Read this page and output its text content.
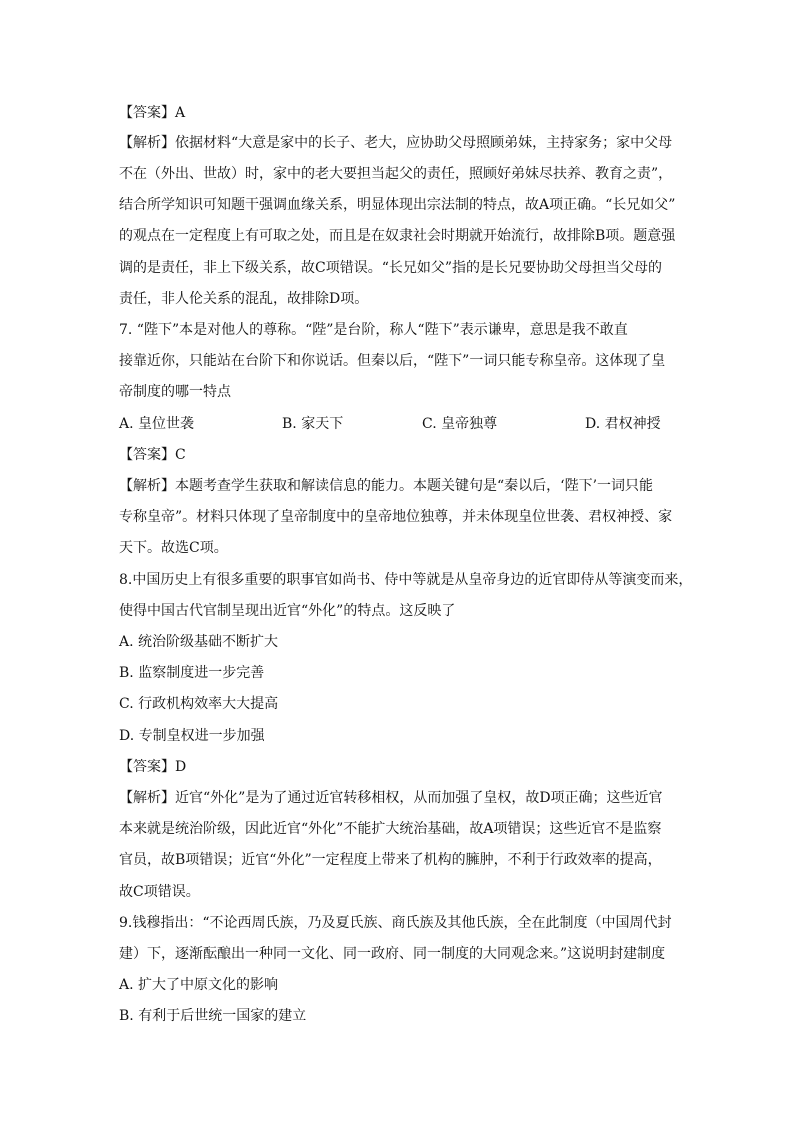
【答案】A
【解析】依据材料“大意是家中的长子、老大，应协助父母照顾弟妹，主持家务；家中父母
不在（外出、世故）时，家中的老大要担当起父的责任，照顾好弟妹尽扶养、教育之责”，
结合所学知识可知题干强调血缘关系，明显体现出宗法制的特点，故A项正确。“长兄如父”
的观点在一定程度上有可取之处，而且是在奴隶社会时期就开始流行，故排除B项。题意强
调的是责任，非上下级关系，故C项错误。“长兄如父”指的是长兄要协助父母担当父母的
责任，非人伦关系的混乱，故排除D项。
7. “陛下”本是对他人的尊称。“陛”是台阶，称人“陛下”表示谦卑，意思是我不敢直
接靠近你，只能站在台阶下和你说话。但秦以后，“陛下”一词只能专称皇帝。这体现了皇
帝制度的哪一特点
A. 皇位世袭	B. 家天下	C. 皇帝独尊	D. 君权神授
【答案】C
【解析】本题考查学生获取和解读信息的能力。本题关键句是“秦以后，‘陛下’一词只能
专称皇帝”。材料只体现了皇帝制度中的皇帝地位独尊，并未体现皇位世袭、君权神授、家
天下。故选C项。
8.中国历史上有很多重要的职事官如尚书、侍中等就是从皇帝身边的近官即侍从等演变而来，
使得中国古代官制呈现出近官“外化”的特点。这反映了
A. 统治阶级基础不断扩大
B. 监察制度进一步完善
C. 行政机构效率大大提高
D. 专制皇权进一步加强
【答案】D
【解析】近官“外化”是为了通过近官转移相权，从而加强了皇权，故D项正确；这些近官
本来就是统治阶级，因此近官“外化”不能扩大统治基础，故A项错误；这些近官不是监察
官员，故B项错误；近官“外化”一定程度上带来了机构的臃肿，不利于行政效率的提高，
故C项错误。
9.钱穆指出：“不论西周氏族，乃及夏氏族、商氏族及其他氏族，全在此制度（中国周代封
建）下，逐渐酝酿出一种同一文化、同一政府、同一制度的大同观念来。”这说明封建制度
A. 扩大了中原文化的影响
B. 有利于后世统一国家的建立
